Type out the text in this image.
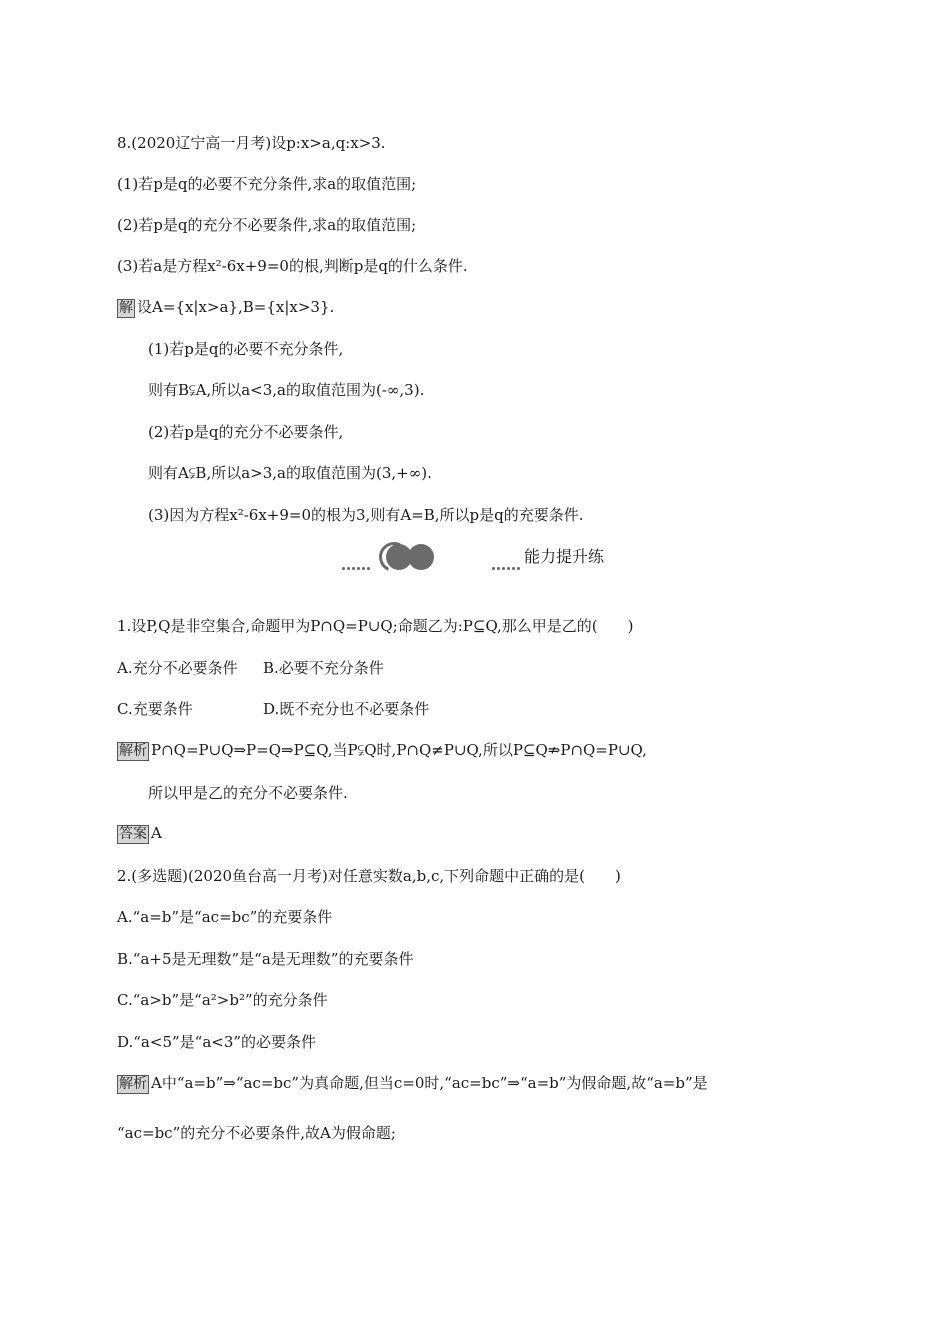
8.(2020辽宁高一月考)设p:x>a,q:x>3.
(1)若p是q的必要不充分条件,求a的取值范围;
(2)若p是q的充分不必要条件,求a的取值范围;
(3)若a是方程x²-6x+9=0的根,判断p是q的什么条件.
解 设A={x|x>a},B={x|x>3}.
(1)若p是q的必要不充分条件,
则有B⫋A,所以a<3,a的取值范围为(-∞,3).
(2)若p是q的充分不必要条件,
则有A⫋B,所以a>3,a的取值范围为(3,+∞).
(3)因为方程x²-6x+9=0的根为3,则有A=B,所以p是q的充要条件.
能力提升练
1.设P,Q是非空集合,命题甲为P∩Q=P∪Q;命题乙为:P⊆Q,那么甲是乙的(　　)
A.充分不必要条件 B.必要不充分条件
C.充要条件	D.既不充分也不必要条件
解析 P∩Q=P∪Q⇒P=Q⇒P⊆Q,当P⫋Q时,P∩Q≠P∪Q,所以P⊆Q⇏P∩Q=P∪Q,
所以甲是乙的充分不必要条件.
答案 A
2.(多选题)(2020鱼台高一月考)对任意实数a,b,c,下列命题中正确的是(　　)
A.“a=b”是“ac=bc”的充要条件
B.“a+5是无理数”是“a是无理数”的充要条件
C.“a>b”是“a²>b²”的充分条件
D.“a<5”是“a<3”的必要条件
解析 A中“a=b”⇒“ac=bc”为真命题,但当c=0时,“ac=bc”⇒“a=b”为假命题,故“a=b”是
“ac=bc”的充分不必要条件,故A为假命题;
